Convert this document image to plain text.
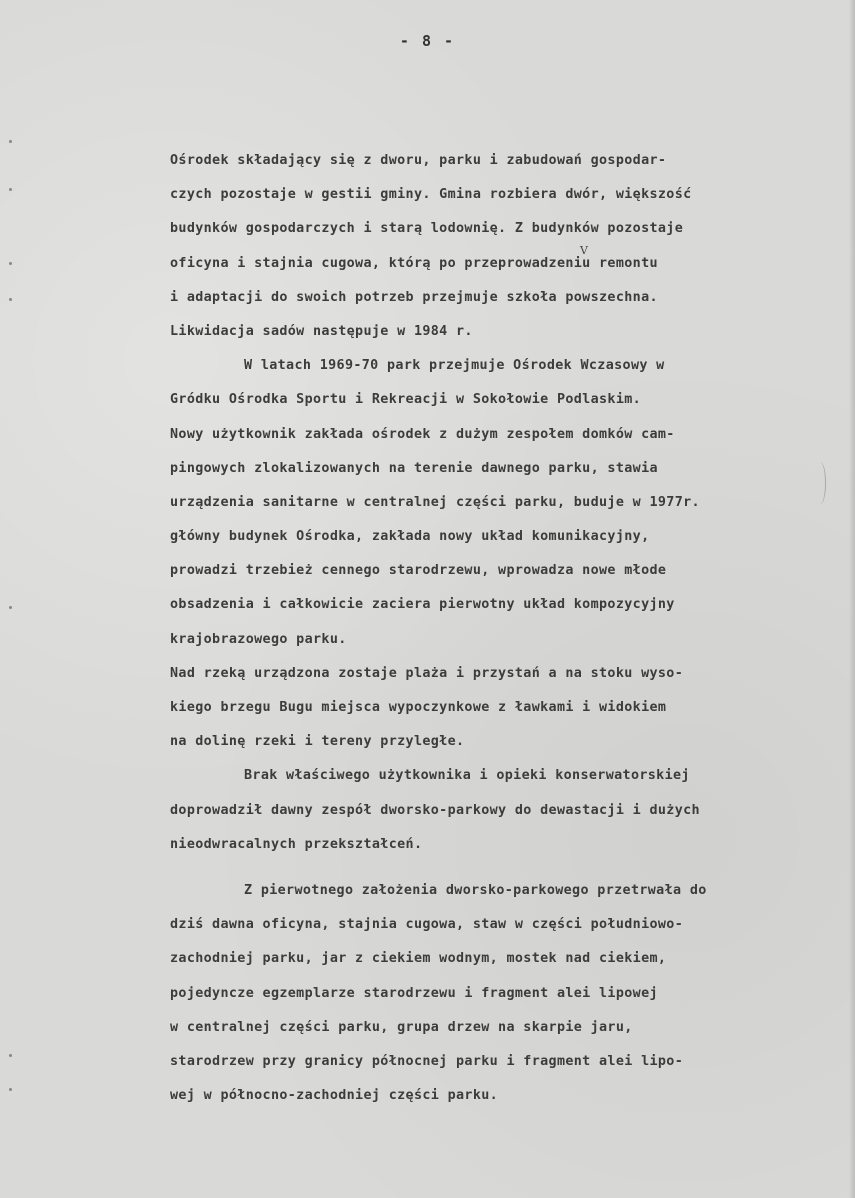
- 8 -
V
Ośrodek składający się z dworu, parku i zabudowań gospodar-
czych pozostaje w gestii gminy. Gmina rozbiera dwór, większość
budynków gospodarczych i starą lodownię. Z budynków pozostaje
oficyna i stajnia cugowa, którą po przeprowadzeniu remontu
i adaptacji do swoich potrzeb przejmuje szkoła powszechna.
Likwidacja sadów następuje w 1984 r.
W latach 1969-70 park przejmuje Ośrodek Wczasowy w
Gródku Ośrodka Sportu i Rekreacji w Sokołowie Podlaskim.
Nowy użytkownik zakłada ośrodek z dużym zespołem domków cam-
pingowych zlokalizowanych na terenie dawnego parku, stawia
urządzenia sanitarne w centralnej części parku, buduje w 1977r.
główny budynek Ośrodka, zakłada nowy układ komunikacyjny,
prowadzi trzebież cennego starodrzewu, wprowadza nowe młode
obsadzenia i całkowicie zaciera pierwotny układ kompozycyjny
krajobrazowego parku.
Nad rzeką urządzona zostaje plaża i przystań a na stoku wyso-
kiego brzegu Bugu miejsca wypoczynkowe z ławkami i widokiem
na dolinę rzeki i tereny przyległe.
Brak właściwego użytkownika i opieki konserwatorskiej
doprowadził dawny zespół dworsko-parkowy do dewastacji i dużych
nieodwracalnych przekształceń.
Z pierwotnego założenia dworsko-parkowego przetrwała do
dziś dawna oficyna, stajnia cugowa, staw w części południowo-
zachodniej parku, jar z ciekiem wodnym, mostek nad ciekiem,
pojedyncze egzemplarze starodrzewu i fragment alei lipowej
w centralnej części parku, grupa drzew na skarpie jaru,
starodrzew przy granicy północnej parku i fragment alei lipo-
wej w północno-zachodniej części parku.
